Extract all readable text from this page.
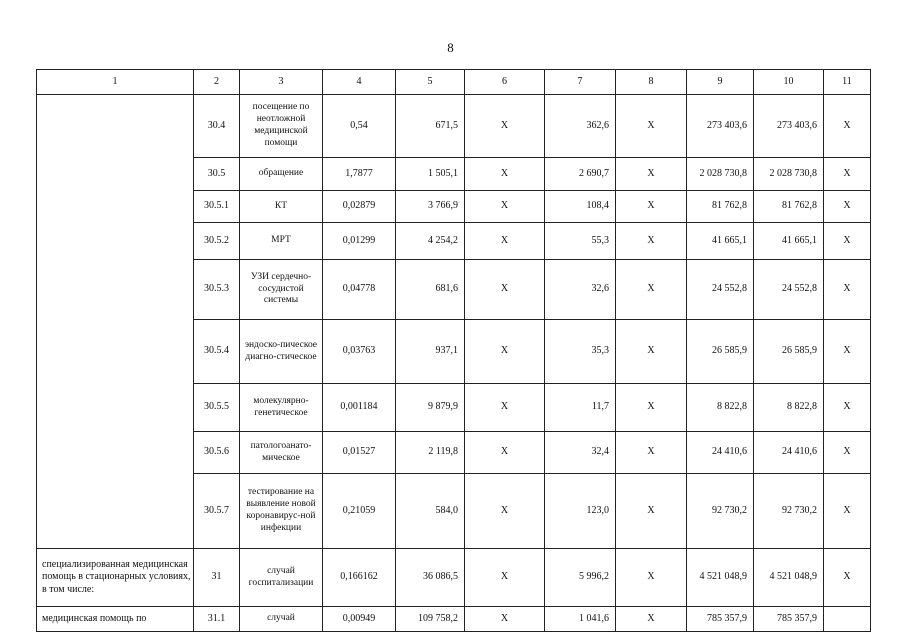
8
1	2	3	4	5	6	7	8	9	10	11
	30.4	посещение по неотложной медицинской помощи	0,54	671,5	Х	362,6	Х	273 403,6	273 403,6	Х
	30.5	обращение	1,7877	1 505,1	Х	2 690,7	Х	2 028 730,8	2 028 730,8	Х
	30.5.1	КТ	0,02879	3 766,9	Х	108,4	Х	81 762,8	81 762,8	Х
	30.5.2	МРТ	0,01299	4 254,2	Х	55,3	Х	41 665,1	41 665,1	Х
	30.5.3	УЗИ сердечно-сосудистой системы	0,04778	681,6	Х	32,6	Х	24 552,8	24 552,8	Х
	30.5.4	эндоско-пическое диагно-стическое	0,03763	937,1	Х	35,3	Х	26 585,9	26 585,9	Х
	30.5.5	молекулярно-генетическое	0,001184	9 879,9	Х	11,7	Х	8 822,8	8 822,8	Х
	30.5.6	патологоанато-мическое	0,01527	2 119,8	Х	32,4	Х	24 410,6	24 410,6	Х
	30.5.7	тестирование на выявление новой коронавирус-ной инфекции	0,21059	584,0	Х	123,0	Х	92 730,2	92 730,2	Х
специализированная медицинская помощь в стационарных условиях, в том числе:	31	случай госпитализации	0,166162	36 086,5	Х	5 996,2	Х	4 521 048,9	4 521 048,9	Х
медицинская помощь по	31.1	случай	0,00949	109 758,2	Х	1 041,6	Х	785 357,9	785 357,9	
